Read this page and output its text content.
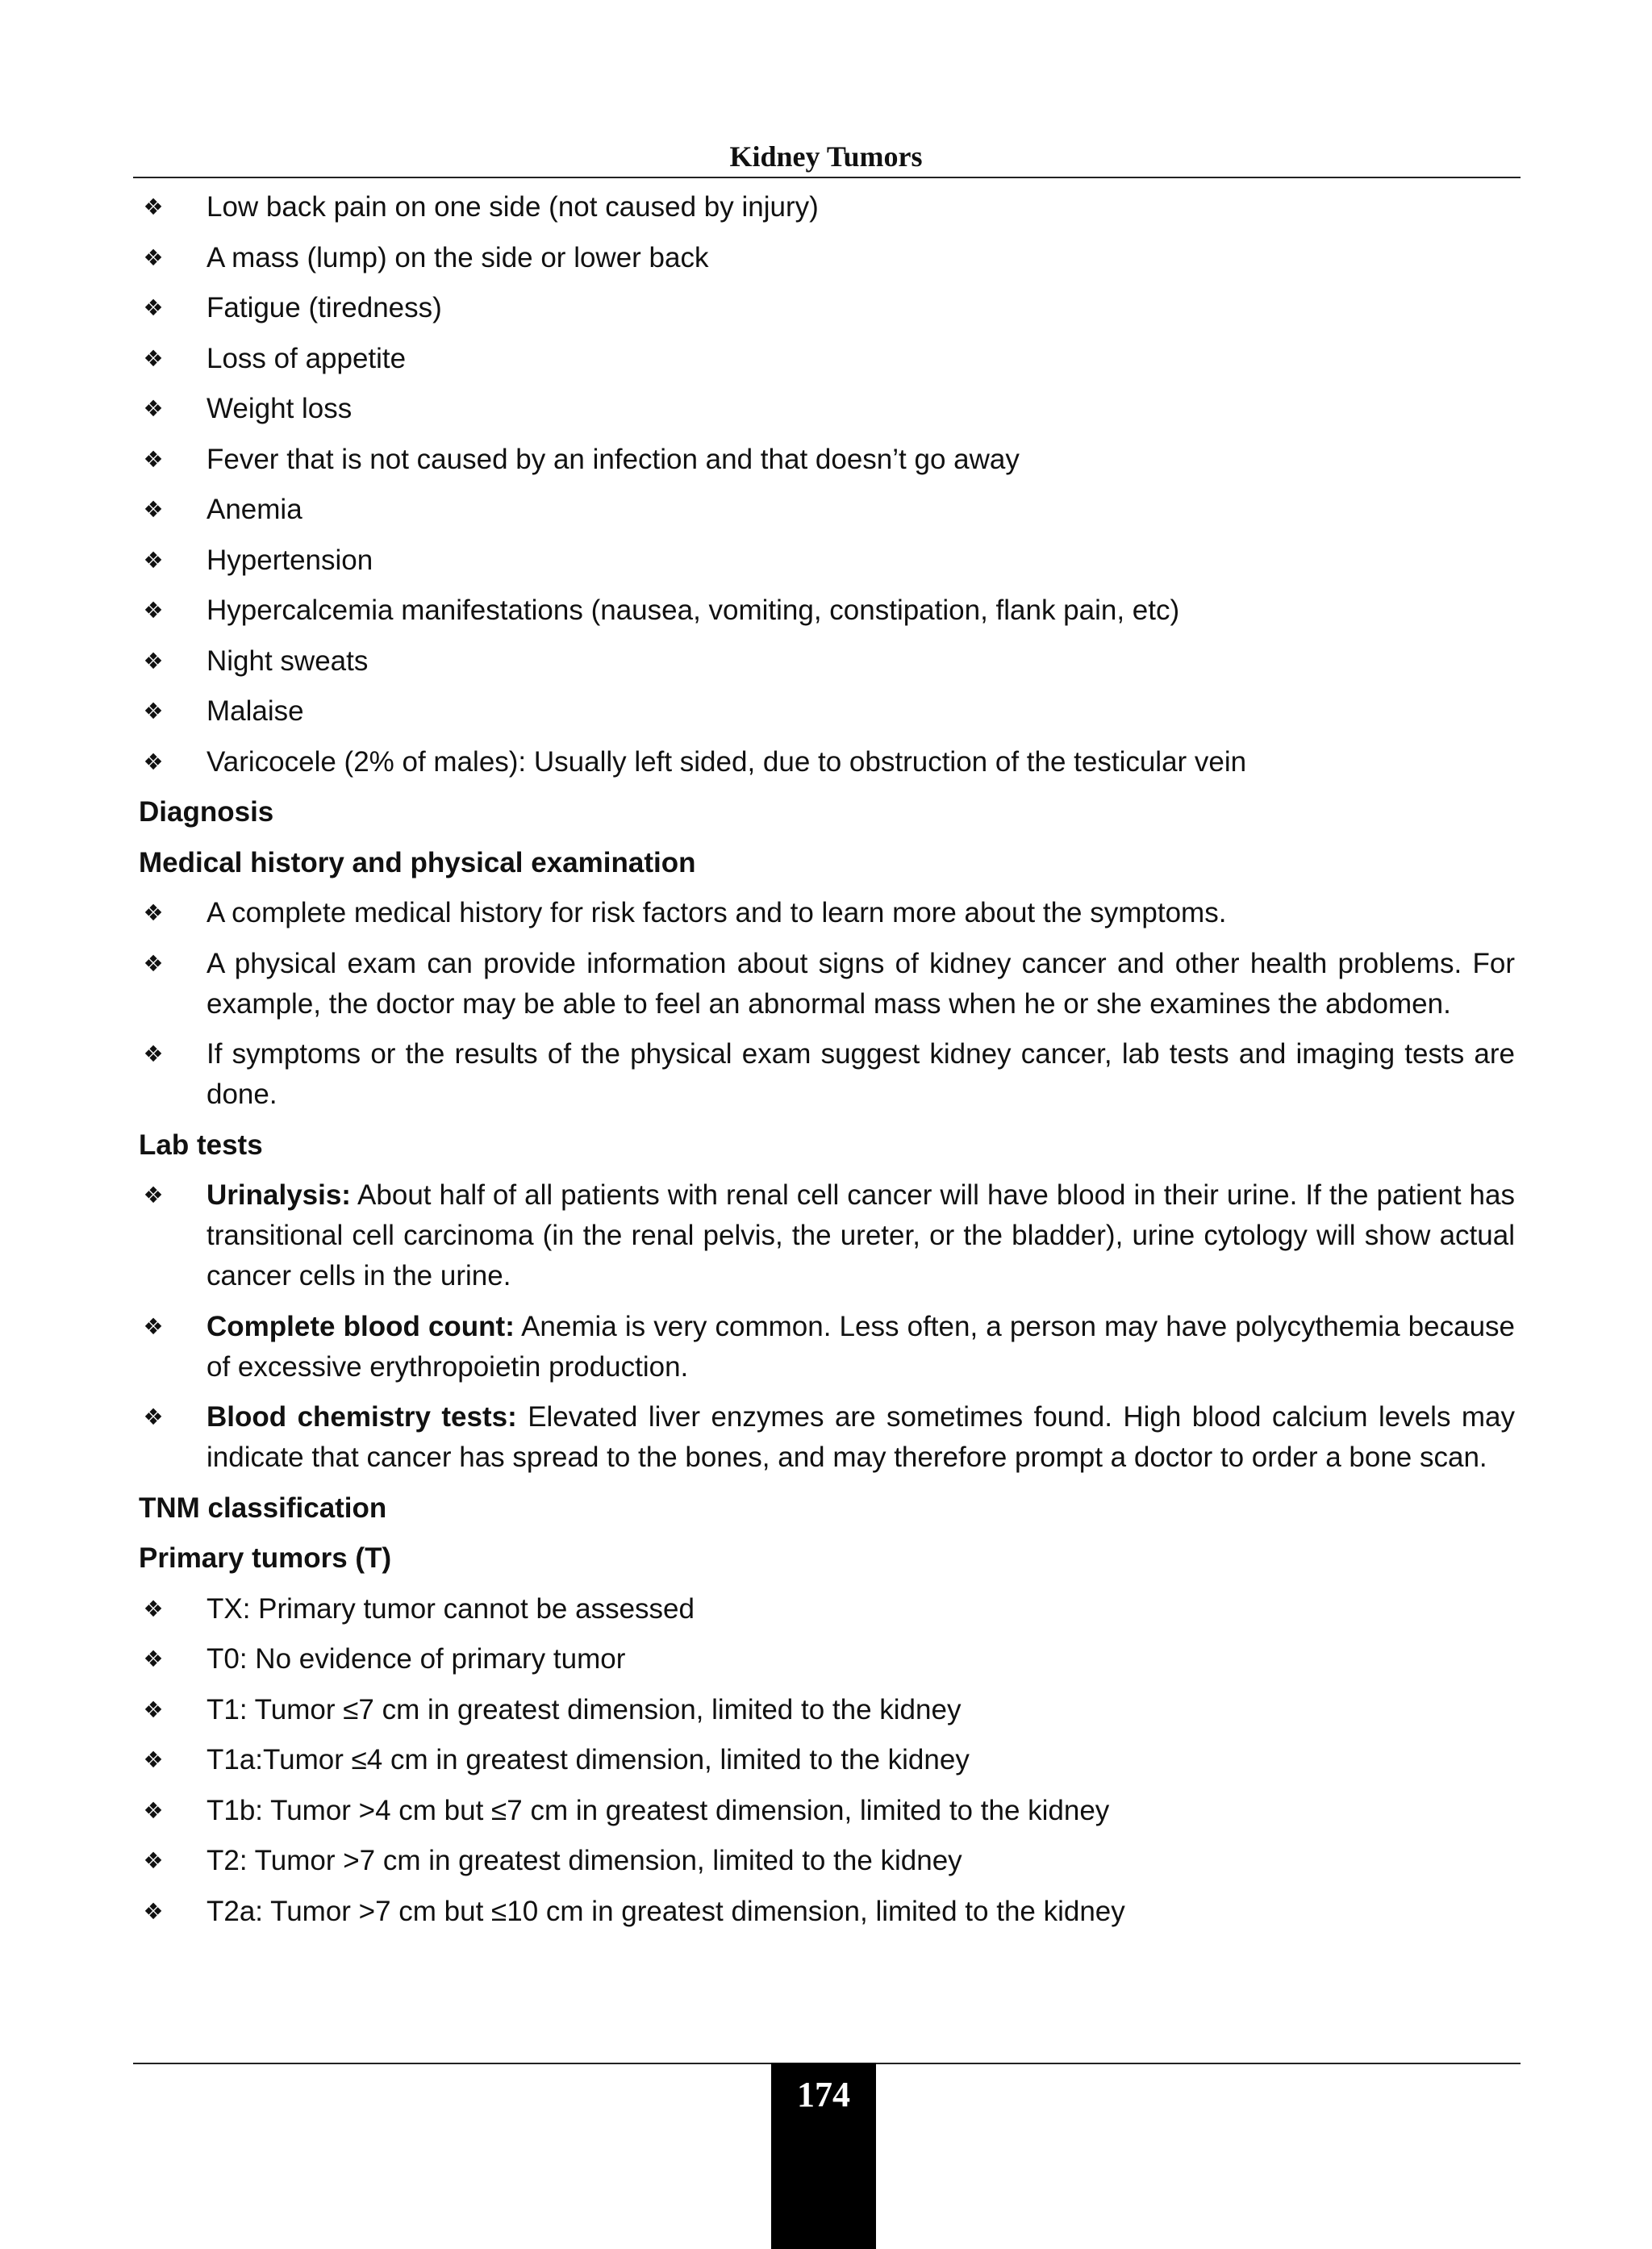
Kidney Tumors
❖ Low back pain on one side (not caused by injury)
❖ A mass (lump) on the side or lower back
❖ Fatigue (tiredness)
❖ Loss of appetite
❖ Weight loss
❖ Fever that is not caused by an infection and that doesn’t go away
❖ Anemia
❖ Hypertension
❖ Hypercalcemia manifestations (nausea, vomiting, constipation, flank pain, etc)
❖ Night sweats
❖ Malaise
❖ Varicocele (2% of males): Usually left sided, due to obstruction of the testicular vein
Diagnosis
Medical history and physical examination
❖ A complete medical history for risk factors and to learn more about the symptoms.
❖ A physical exam can provide information about signs of kidney cancer and other health problems. For example, the doctor may be able to feel an abnormal mass when he or she examines the abdomen.
❖ If symptoms or the results of the physical exam suggest kidney cancer, lab tests and imaging tests are done.
Lab tests
❖ Urinalysis: About half of all patients with renal cell cancer will have blood in their urine. If the patient has transitional cell carcinoma (in the renal pelvis, the ureter, or the bladder), urine cytology will show actual cancer cells in the urine.
❖ Complete blood count: Anemia is very common. Less often, a person may have polycythemia because of excessive erythropoietin production.
❖ Blood chemistry tests: Elevated liver enzymes are sometimes found. High blood calcium levels may indicate that cancer has spread to the bones, and may therefore prompt a doctor to order a bone scan.
TNM classification
Primary tumors (T)
❖ TX: Primary tumor cannot be assessed
❖ T0: No evidence of primary tumor
❖ T1: Tumor ≤7 cm in greatest dimension, limited to the kidney
❖ T1a:Tumor ≤4 cm in greatest dimension, limited to the kidney
❖ T1b: Tumor >4 cm but ≤7 cm in greatest dimension, limited to the kidney
❖ T2: Tumor >7 cm in greatest dimension, limited to the kidney
❖ T2a: Tumor >7 cm but ≤10 cm in greatest dimension, limited to the kidney
174
